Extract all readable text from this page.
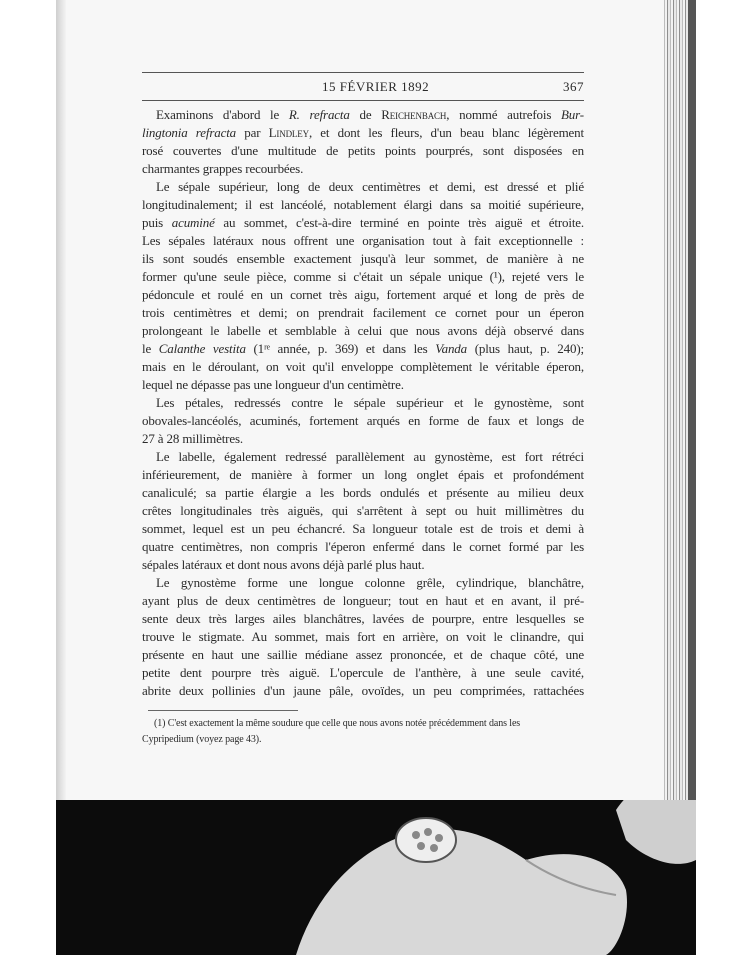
15 FÉVRIER 1892	367
Examinons d'abord le R. refracta de Reichenbach, nommé autrefois Bur-
lingtonia refracta par Lindley, et dont les fleurs, d'un beau blanc légèrement
rosé couvertes d'une multitude de petits points pourprés, sont disposées en
charmantes grappes recourbées.
Le sépale supérieur, long de deux centimètres et demi, est dressé et plié
longitudinalement; il est lancéolé, notablement élargi dans sa moitié supérieure,
puis acuminé au sommet, c'est-à-dire terminé en pointe très aiguë et étroite.
Les sépales latéraux nous offrent une organisation tout à fait exceptionnelle :
ils sont soudés ensemble exactement jusqu'à leur sommet, de manière à ne
former qu'une seule pièce, comme si c'était un sépale unique (¹), rejeté vers le
pédoncule et roulé en un cornet très aigu, fortement arqué et long de près de
trois centimètres et demi; on prendrait facilement ce cornet pour un éperon
prolongeant le labelle et semblable à celui que nous avons déjà observé dans
le Calanthe vestita (1ʳᵉ année, p. 369) et dans les Vanda (plus haut, p. 240);
mais en le déroulant, on voit qu'il enveloppe complètement le véritable éperon,
lequel ne dépasse pas une longueur d'un centimètre.
Les pétales, redressés contre le sépale supérieur et le gynostème, sont
obovales-lancéolés, acuminés, fortement arqués en forme de faux et longs de
27 à 28 millimètres.
Le labelle, également redressé parallèlement au gynostème, est fort rétréci
inférieurement, de manière à former un long onglet épais et profondément
canaliculé; sa partie élargie a les bords ondulés et présente au milieu deux
crêtes longitudinales très aiguës, qui s'arrêtent à sept ou huit millimètres du
sommet, lequel est un peu échancré. Sa longueur totale est de trois et demi à
quatre centimètres, non compris l'éperon enfermé dans le cornet formé par les
sépales latéraux et dont nous avons déjà parlé plus haut.
Le gynostème forme une longue colonne grêle, cylindrique, blanchâtre,
ayant plus de deux centimètres de longueur; tout en haut et en avant, il pré-
sente deux très larges ailes blanchâtres, lavées de pourpre, entre lesquelles se
trouve le stigmate. Au sommet, mais fort en arrière, on voit le clinandre, qui
présente en haut une saillie médiane assez prononcée, et de chaque côté, une
petite dent pourpre très aiguë. L'opercule de l'anthère, à une seule cavité,
abrite deux pollinies d'un jaune pâle, ovoïdes, un peu comprimées, rattachées
(1) C'est exactement la même soudure que celle que nous avons notée précédemment dans les
Cypripedium (voyez page 43).
